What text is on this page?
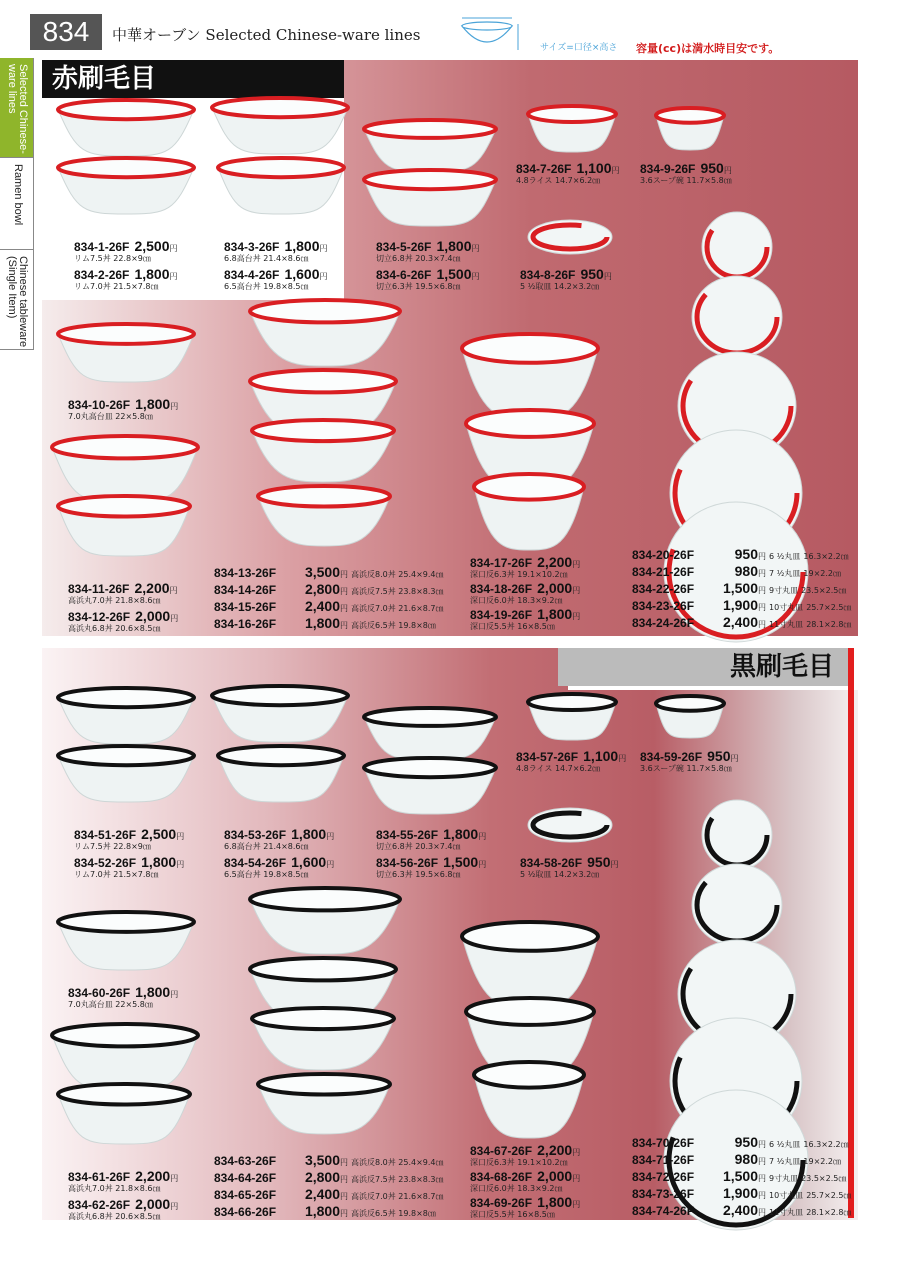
834	中華オーブン Selected Chinese-ware lines
サイズ=口径×高さ 容量(cc)は満水時目安です。
Selected Chinese-
ware lines
Ramen bowl
Chinese tableware
(Single Item)
赤刷毛目
黒刷毛目
834-1-26F 2,500円
リム7.5丼 22.8×9㎝
834-2-26F 1,800円
リム7.0丼 21.5×7.8㎝
834-3-26F 1,800円
6.8高台丼 21.4×8.6㎝
834-4-26F 1,600円
6.5高台丼 19.8×8.5㎝
834-5-26F 1,800円
切立6.8丼 20.3×7.4㎝
834-6-26F 1,500円
切立6.3丼 19.5×6.8㎝
834-7-26F 1,100円
4.8ライス 14.7×6.2㎝
834-9-26F 950円
3.6スープ碗 11.7×5.8㎝
834-8-26F 950円
5 ½取皿 14.2×3.2㎝
834-10-26F 1,800円
7.0丸高台皿 22×5.8㎝
834-11-26F 2,200円
高浜丸7.0丼 21.8×8.6㎝
834-12-26F 2,000円
高浜丸6.8丼 20.6×8.5㎝
834-13-26F 3,500円 高浜反8.0丼 25.4×9.4㎝
834-14-26F 2,800円 高浜反7.5丼 23.8×8.3㎝
834-15-26F 2,400円 高浜反7.0丼 21.6×8.7㎝
834-16-26F 1,800円 高浜反6.5丼 19.8×8㎝
834-17-26F 2,200円
深口反6.3丼 19.1×10.2㎝
834-18-26F 2,000円
深口反6.0丼 18.3×9.2㎝
834-19-26F 1,800円
深口反5.5丼 16×8.5㎝
834-20-26F	950円 6 ½丸皿 16.3×2.2㎝
834-21-26F	980円 7 ½丸皿 19×2.2㎝
834-22-26F 1,500円 9寸丸皿 23.5×2.5㎝
834-23-26F 1,900円 10寸丸皿 25.7×2.5㎝
834-24-26F 2,400円 11寸丸皿 28.1×2.8㎝
834-51-26F 2,500円
リム7.5丼 22.8×9㎝
834-52-26F 1,800円
リム7.0丼 21.5×7.8㎝
834-53-26F 1,800円
6.8高台丼 21.4×8.6㎝
834-54-26F 1,600円
6.5高台丼 19.8×8.5㎝
834-55-26F 1,800円
切立6.8丼 20.3×7.4㎝
834-56-26F 1,500円
切立6.3丼 19.5×6.8㎝
834-57-26F 1,100円
4.8ライス 14.7×6.2㎝
834-59-26F 950円
3.6スープ碗 11.7×5.8㎝
834-58-26F 950円
5 ½取皿 14.2×3.2㎝
834-60-26F 1,800円
7.0丸高台皿 22×5.8㎝
834-61-26F 2,200円
高浜丸7.0丼 21.8×8.6㎝
834-62-26F 2,000円
高浜丸6.8丼 20.6×8.5㎝
834-63-26F 3,500円 高浜反8.0丼 25.4×9.4㎝
834-64-26F 2,800円 高浜反7.5丼 23.8×8.3㎝
834-65-26F 2,400円 高浜反7.0丼 21.6×8.7㎝
834-66-26F 1,800円 高浜反6.5丼 19.8×8㎝
834-67-26F 2,200円
深口反6.3丼 19.1×10.2㎝
834-68-26F 2,000円
深口反6.0丼 18.3×9.2㎝
834-69-26F 1,800円
深口反5.5丼 16×8.5㎝
834-70-26F	950円 6 ½丸皿 16.3×2.2㎝
834-71-26F	980円 7 ½丸皿 19×2.2㎝
834-72-26F 1,500円 9寸丸皿 23.5×2.5㎝
834-73-26F 1,900円 10寸丸皿 25.7×2.5㎝
834-74-26F 2,400円 11寸丸皿 28.1×2.8㎝
